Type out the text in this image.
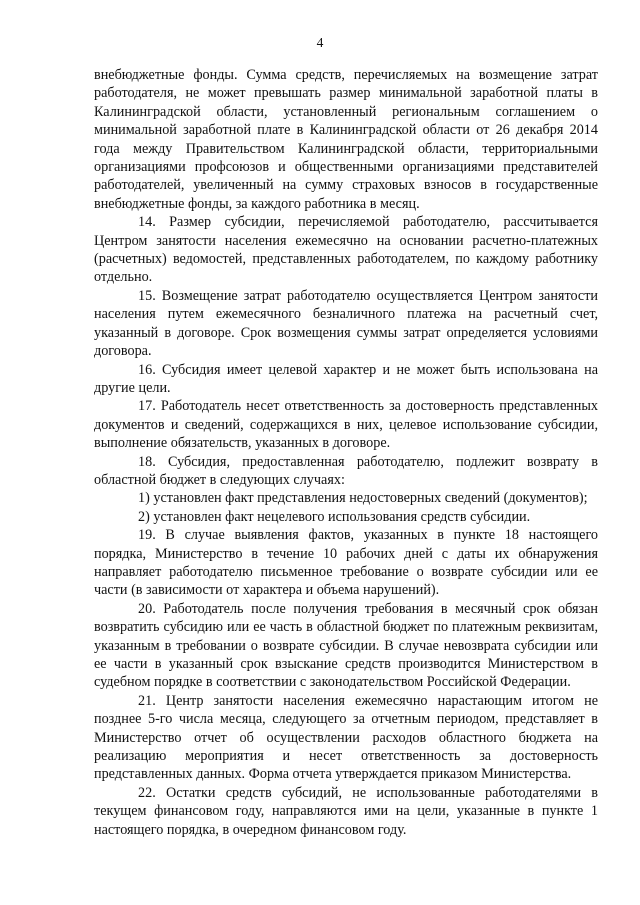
4

внебюджетные фонды. Сумма средств, перечисляемых на возмещение затрат работодателя, не может превышать размер минимальной заработной платы в Калининградской области, установленный региональным соглашением о минимальной заработной плате в Калининградской области от 26 декабря 2014 года между Правительством Калининградской области, территориальными организациями профсоюзов и общественными организациями представителей работодателей, увеличенный на сумму страховых взносов в государственные внебюджетные фонды, за каждого работника в месяц.

14. Размер субсидии, перечисляемой работодателю, рассчитывается Центром занятости населения ежемесячно на основании расчетно-платежных (расчетных) ведомостей, представленных работодателем, по каждому работнику отдельно.

15. Возмещение затрат работодателю осуществляется Центром занятости населения путем ежемесячного безналичного платежа на расчетный счет, указанный в договоре. Срок возмещения суммы затрат определяется условиями договора.

16. Субсидия имеет целевой характер и не может быть использована на другие цели.

17. Работодатель несет ответственность за достоверность представленных документов и сведений, содержащихся в них, целевое использование субсидии, выполнение обязательств, указанных в договоре.

18. Субсидия, предоставленная работодателю, подлежит возврату в областной бюджет в следующих случаях:

1) установлен факт представления недостоверных сведений (документов);

2) установлен факт нецелевого использования средств субсидии.

19. В случае выявления фактов, указанных в пункте 18 настоящего порядка, Министерство в течение 10 рабочих дней с даты их обнаружения направляет работодателю письменное требование о возврате субсидии или ее части (в зависимости от характера и объема нарушений).

20. Работодатель после получения требования в месячный срок обязан возвратить субсидию или ее часть в областной бюджет по платежным реквизитам, указанным в требовании о возврате субсидии. В случае невозврата субсидии или ее части в указанный срок взыскание средств производится Министерством в судебном порядке в соответствии с законодательством Российской Федерации.

21. Центр занятости населения ежемесячно нарастающим итогом не позднее 5-го числа месяца, следующего за отчетным периодом, представляет в Министерство отчет об осуществлении расходов областного бюджета на реализацию мероприятия и несет ответственность за достоверность представленных данных. Форма отчета утверждается приказом Министерства.

22. Остатки средств субсидий, не использованные работодателями в текущем финансовом году, направляются ими на цели, указанные в пункте 1 настоящего порядка, в очередном финансовом году.
